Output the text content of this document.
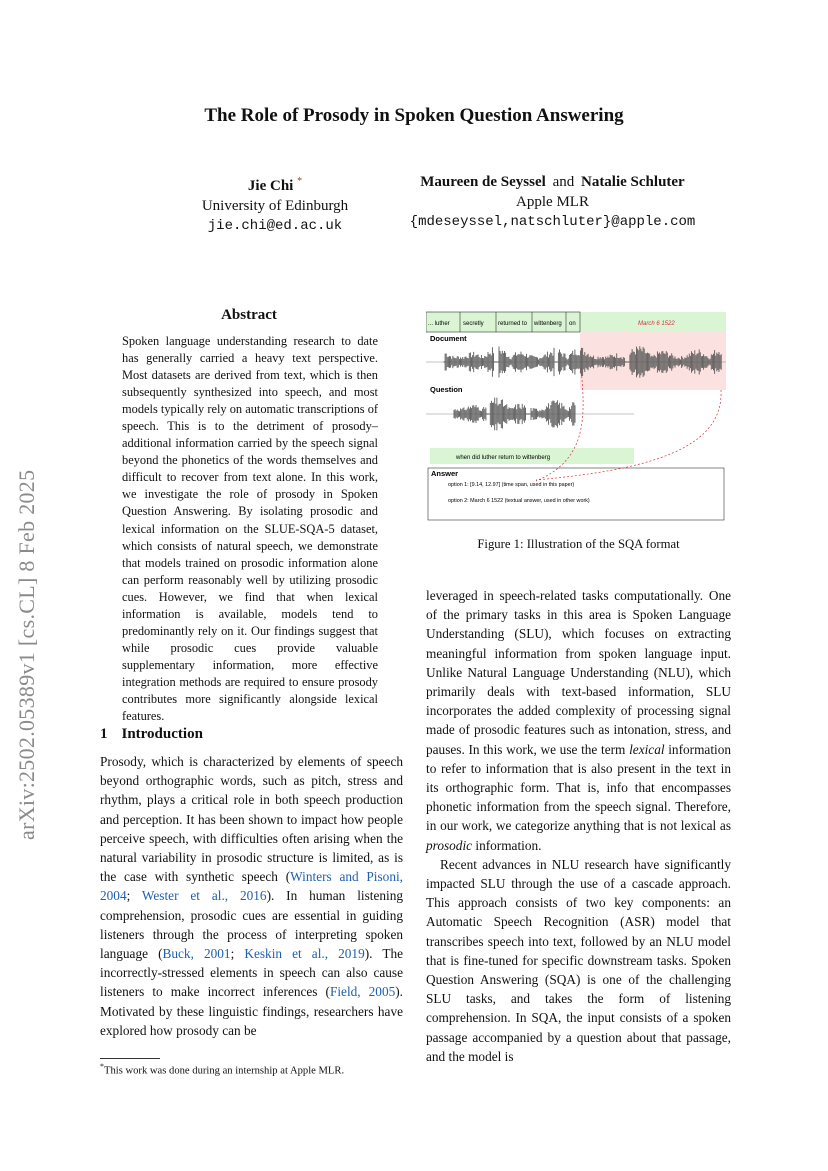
The Role of Prosody in Spoken Question Answering
Jie Chi *
University of Edinburgh
jie.chi@ed.ac.uk
Maureen de Seyssel and Natalie Schluter
Apple MLR
{mdeseyssel,natschluter}@apple.com
arXiv:2502.05389v1 [cs.CL] 8 Feb 2025
Abstract
Spoken language understanding research to date has generally carried a heavy text perspective. Most datasets are derived from text, which is then subsequently synthesized into speech, and most models typically rely on automatic transcriptions of speech. This is to the detriment of prosody–additional information carried by the speech signal beyond the phonetics of the words themselves and difficult to recover from text alone. In this work, we investigate the role of prosody in Spoken Question Answering. By isolating prosodic and lexical information on the SLUE-SQA-5 dataset, which consists of natural speech, we demonstrate that models trained on prosodic information alone can perform reasonably well by utilizing prosodic cues. However, we find that when lexical information is available, models tend to predominantly rely on it. Our findings suggest that while prosodic cues provide valuable supplementary information, more effective integration methods are required to ensure prosody contributes more significantly alongside lexical features.
1 Introduction

Prosody, which is characterized by elements of speech beyond orthographic words, such as pitch, stress and rhythm, plays a critical role in both speech production and perception. It has been shown to impact how people perceive speech, with difficulties often arising when the natural variability in prosodic structure is limited, as is the case with synthetic speech (Winters and Pisoni, 2004; Wester et al., 2016). In human listening comprehension, prosodic cues are essential in guiding listeners through the process of interpreting spoken language (Buck, 2001; Keskin et al., 2019). The incorrectly-stressed elements in speech can also cause listeners to make incorrect inferences (Field, 2005). Motivated by these linguistic findings, researchers have explored how prosody can be

*This work was done during an internship at Apple MLR.
... luther secretly returned to wittenberg on	March 6 1522
Document
Question
when did luther return to wittenberg
Answer
option 1: [9.14, 12.97] (time span, used in this paper)
option 2: March 6 1522 (textual answer, used in other work)
Figure 1: Illustration of the SQA format

leveraged in speech-related tasks computationally. One of the primary tasks in this area is Spoken Language Understanding (SLU), which focuses on extracting meaningful information from spoken language input. Unlike Natural Language Understanding (NLU), which primarily deals with text-based information, SLU incorporates the added complexity of processing signal made of prosodic features such as intonation, stress, and pauses. In this work, we use the term lexical information to refer to information that is also present in the text in its orthographic form. That is, info that encompasses phonetic information from the speech signal. Therefore, in our work, we categorize anything that is not lexical as prosodic information.

Recent advances in NLU research have significantly impacted SLU through the use of a cascade approach. This approach consists of two key components: an Automatic Speech Recognition (ASR) model that transcribes speech into text, followed by an NLU model that is fine-tuned for specific downstream tasks. Spoken Question Answering (SQA) is one of the challenging SLU tasks, and takes the form of listening comprehension. In SQA, the input consists of a spoken passage accompanied by a question about that passage, and the model is
